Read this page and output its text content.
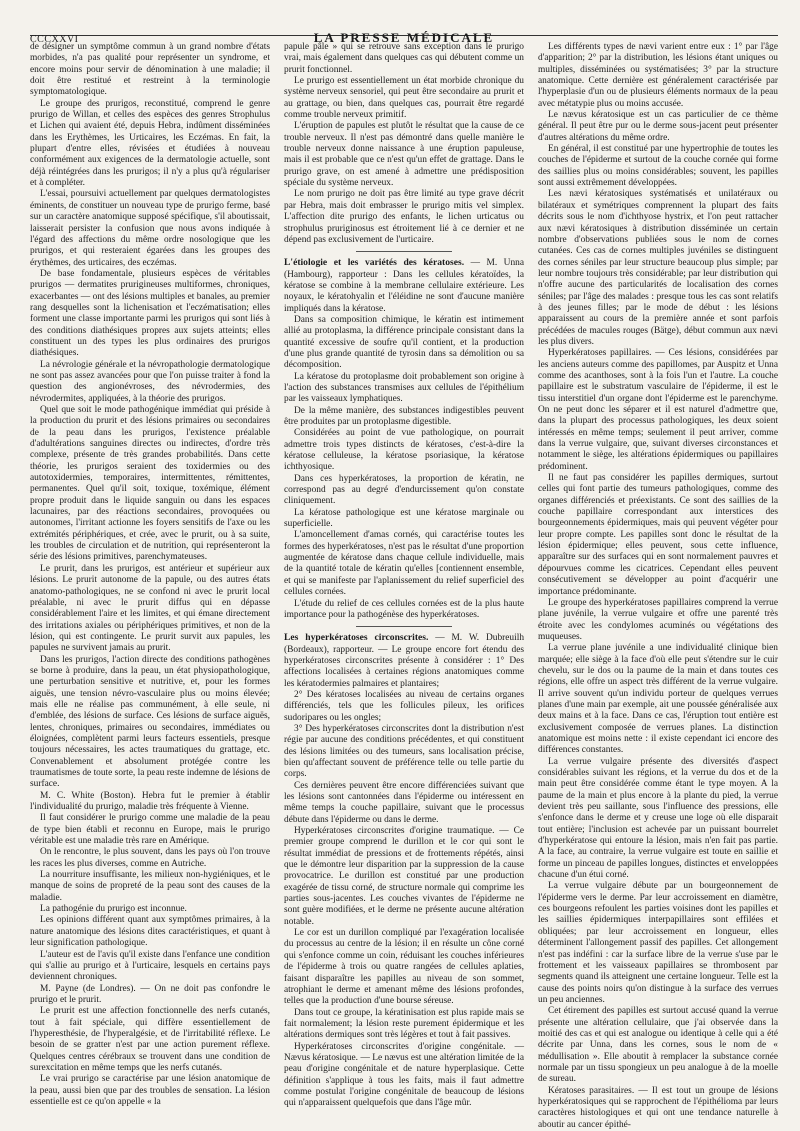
CCCXXVI	LA PRESSE MÉDICALE

de désigner un symptôme commun à un grand nombre d'états morbides, n'a pas qualité pour représenter un syndrome, et encore moins pour servir de dénomination à une maladie; il doit être restitué et restreint à la terminologie symptomatologique.

Le groupe des prurigos, reconstitué, comprend le genre prurigo de Willan, et celles des espèces des genres Strophulus et Lichen qui avaient été, depuis Hebra, indûment disséminées dans les Erythèmes, les Urticaires, les Eczémas. En fait, la plupart d'entre elles, révisées et étudiées à nouveau conformément aux exigences de la dermatologie actuelle, sont déjà réintégrées dans les prurigos; il n'y a plus qu'à régulariser et à compléter.

L'essai, poursuivi actuellement par quelques dermatologistes éminents, de constituer un nouveau type de prurigo ferme, basé sur un caractère anatomique supposé spécifique, s'il aboutissait, laisserait persister la confusion que nous avons indiquée à l'égard des affections du même ordre nosologique que les prurigos, et qui resteraient égarées dans les groupes des érythèmes, des urticaires, des eczémas.

De base fondamentale, plusieurs espèces de véritables prurigos — dermatites prurigineuses multiformes, chroniques, exacerbantes — ont des lésions multiples et banales, au premier rang desquelles sont la lichenisation et l'eczématisation; elles forment une classe importante parmi les prurigos qui sont liés à des conditions diathésiques propres aux sujets atteints; elles constituent un des types les plus ordinaires des prurigos diathésiques.

La névrologie générale et la névropathologie dermatologique ne sont pas assez avancées pour que l'on puisse traiter à fond la question des angionévroses, des névrodermies, des névrodermites, appliquées, à la théorie des prurigos.

Quel que soit le mode pathogénique immédiat qui préside à la production du prurit et des lésions primaires ou secondaires de la peau dans les prurigos, l'existence préalable d'adultérations sanguines directes ou indirectes, d'ordre très complexe, présente de très grandes probabilités. Dans cette théorie, les prurigos seraient des toxidermies ou des autotoxidermies, temporaires, intermittentes, rémittentes, permanentes. Quel qu'il soit, toxique, toxémique, élément propre produit dans le liquide sanguin ou dans les espaces lacunaires, par des réactions secondaires, provoquées ou autonomes, l'irritant actionne les foyers sensitifs de l'axe ou les extrémités périphériques, et crée, avec le prurit, ou à sa suite, les troubles de circulation et de nutrition, qui représenteront la série des lésions primitives, parenchymateuses.

Le prurit, dans les prurigos, est antérieur et supérieur aux lésions. Le prurit autonome de la papule, ou des autres états anatomo-pathologiques, ne se confond ni avec le prurit local préalable, ni avec le prurit diffus qui en dépasse considérablement l'aire et les limites, et qui émane directement des irritations axiales ou périphériques primitives, et non de la lésion, qui est contingente. Le prurit survit aux papules, les papules ne survivent jamais au prurit.

Dans les prurigos, l'action directe des conditions pathogènes se borne à produire, dans la peau, un état physiopathologique, une perturbation sensitive et nutritive, et, pour les formes aiguës, une tension névro-vasculaire plus ou moins élevée; mais elle ne réalise pas communément, à elle seule, ni d'emblée, des lésions de surface. Ces lésions de surface aiguës, lentes, chroniques, primaires ou secondaires, immédiates ou éloignées, complètent parmi leurs facteurs essentiels, presque toujours nécessaires, les actes traumatiques du grattage, etc. Convenablement et absolument protégée contre les traumatismes de toute sorte, la peau reste indemne de lésions de surface.

M. C. White (Boston). Hebra fut le premier à établir l'individualité du prurigo, maladie très fréquente à Vienne.

Il faut considérer le prurigo comme une maladie de la peau de type bien établi et reconnu en Europe, mais le prurigo véritable est une maladie très rare en Amérique.

On le rencontre, le plus souvent, dans les pays où l'on trouve les races les plus diverses, comme en Autriche.

La nourriture insuffisante, les milieux non-hygiéniques, et le manque de soins de propreté de la peau sont des causes de la maladie.

La pathogénie du prurigo est inconnue.

Les opinions différent quant aux symptômes primaires, à la nature anatomique des lésions dites caractéristiques, et quant à leur signification pathologique.

L'auteur est de l'avis qu'il existe dans l'enfance une condition qui s'allie au prurigo et à l'urticaire, lesquels en certains pays deviennent chroniques.

M. Payne (de Londres). — On ne doit pas confondre le prurigo et le prurit.

Le prurit est une affection fonctionnelle des nerfs cutanés, tout à fait spéciale, qui diffère essentiellement de l'hyperesthésie, de l'hyperalgésie, et de l'irritabilité réflexe. Le besoin de se gratter n'est par une action purement réflexe. Quelques centres cérébraux se trouvent dans une condition de surexcitation en même temps que les nerfs cutanés.

Le vrai prurigo se caractérise par une lésion anatomique de la peau, aussi bien que par des troubles de sensation. La lésion essentielle est ce qu'on appelle « la

papule pâle » qui se retrouve sans exception dans le prurigo vrai, mais également dans quelques cas qui débutent comme un prurit fonctionnel.

Le prurigo est essentiellement un état morbide chronique du système nerveux sensoriel, qui peut être secondaire au prurit et au grattage, ou bien, dans quelques cas, pourrait être regardé comme trouble nerveux primitif.

L'éruption de papules est plutôt le résultat que la cause de ce trouble nerveux. Il n'est pas démontré dans quelle manière le trouble nerveux donne naissance à une éruption papuleuse, mais il est probable que ce n'est qu'un effet de grattage. Dans le prurigo grave, on est amené à admettre une prédisposition spéciale du système nerveux.

Le nom prurigo ne doit pas être limité au type grave décrit par Hebra, mais doit embrasser le prurigo mitis vel simplex. L'affection dite prurigo des enfants, le lichen urticatus ou strophulus pruriginosus est étroitement lié à ce dernier et ne dépend pas exclusivement de l'urticaire.

L'étiologie et les variétés des kératoses. — M. Unna (Hambourg), rapporteur : Dans les cellules kératoïdes, la kératose se combine à la membrane cellulaire extérieure. Les noyaux, le kératohyalin et l'éléidine ne sont d'aucune manière impliqués dans la kératose.

Dans sa composition chimique, le kératin est intimement allié au protoplasma, la différence principale consistant dans la quantité excessive de soufre qu'il contient, et la production d'une plus grande quantité de tyrosin dans sa démolition ou sa décomposition.

La kératose du protoplasme doit probablement son origine à l'action des substances transmises aux cellules de l'épithélium par les vaisseaux lymphatiques.

De la même manière, des substances indigestibles peuvent être produites par un protoplasme digestible.

Considérées au point de vue pathologique, on pourrait admettre trois types distincts de kératoses, c'est-à-dire la kératose celluleuse, la kératose psoriasique, la kératose ichthyosique.

Dans ces hyperkératoses, la proportion de kératin, ne correspond pas au degré d'endurcissement qu'on constate cliniquement.

La kératose pathologique est une kératose marginale ou superficielle.

L'amoncellement d'amas cornés, qui caractérise toutes les formes des hyperkératoses, n'est pas le résultat d'une proportion augmentée de kératose dans chaque cellule individuelle, mais de la quantité totale de kératin qu'elles [contiennent ensemble, et qui se manifeste par l'aplanissement du relief superficiel des cellules cornées.

L'étude du relief de ces cellules cornées est de la plus haute importance pour la pathogénèse des hyperkératoses.

Les hyperkératoses circonscrites. — M. W. Dubreuilh (Bordeaux), rapporteur. — Le groupe encore fort étendu des hyperkératoses circonscrites présente à considérer : 1° Des affections localisées à certaines régions anatomiques comme les kératodermies palmaires et plantaires;

2° Des kératoses localisées au niveau de certains organes différenciés, tels que les follicules pileux, les orifices sudoripares ou les ongles;

3° Des hyperkératoses circonscrites dont la distribution n'est régie par aucune des conditions précédentes, et qui constituent des lésions limitées ou des tumeurs, sans localisation précise, bien qu'affectant souvent de préférence telle ou telle partie du corps.

Ces dernières peuvent être encore différenciées suivant que les lésions sont cantonnées dans l'épiderme ou intéressent en même temps la couche papillaire, suivant que le processus débute dans l'épiderme ou dans le derme.

Hyperkératoses circonscrites d'origine traumatique. — Ce premier groupe comprend le durillon et le cor qui sont le résultat immédiat de pressions et de frottements répétés, ainsi que le démontre leur disparition par la suppression de la cause provocatrice. Le durillon est constitué par une production exagérée de tissu corné, de structure normale qui comprime les parties sous-jacentes. Les couches vivantes de l'épiderme ne sont guère modifiées, et le derme ne présente aucune altération notable.

Le cor est un durillon compliqué par l'exagération localisée du processus au centre de la lésion; il en résulte un cône corné qui s'enfonce comme un coin, réduisant les couches inférieures de l'épiderme à trois ou quatre rangées de cellules aplaties, faisant disparaître les papilles au niveau de son sommet, atrophiant le derme et amenant même des lésions profondes, telles que la production d'une bourse séreuse.

Dans tout ce groupe, la kératinisation est plus rapide mais se fait normalement; la lésion reste purement épidermique et les altérations dermiques sont très légères et tout à fait passives.

Hyperkératoses circonscrites d'origine congénitale. — Nævus kératosique. — Le nævus est une altération limitée de la peau d'origine congénitale et de nature hyperplasique. Cette définition s'applique à tous les faits, mais il faut admettre comme postulat l'origine congénitale de beaucoup de lésions qui n'apparaissent quelquefois que dans l'âge mûr.

Les différents types de nævi varient entre eux : 1° par l'âge d'apparition; 2° par la distribution, les lésions étant uniques ou multiples, disséminées ou systématisées; 3° par la structure anatomique. Cette dernière est généralement caractérisée par l'hyperplasie d'un ou de plusieurs éléments normaux de la peau avec métatypie plus ou moins accusée.

Le nævus kératosique est un cas particulier de ce thème général. Il peut être pur ou le derme sous-jacent peut présenter d'autres altérations du même ordre.

En général, il est constitué par une hypertrophie de toutes les couches de l'épiderme et surtout de la couche cornée qui forme des saillies plus ou moins considérables; souvent, les papilles sont aussi extrêmement développées.

Les nævi kératosiques systématisés et unilatéraux ou bilatéraux et symétriques comprennent la plupart des faits décrits sous le nom d'ichthyose hystrix, et l'on peut rattacher aux nævi kératosiques à distribution disséminée un certain nombre d'observations publiées sous le nom de cornes cutanées. Ces cas de cornes multiples juvéniles se distinguent des cornes séniles par leur structure beaucoup plus simple; par leur nombre toujours très considérable; par leur distribution qui n'offre aucune des particularités de localisation des cornes séniles; par l'âge des malades : presque tous les cas sont relatifs à des jeunes filles; par le mode de début : les lésions apparaissent au cours de la première année et sont parfois précédées de macules rouges (Bätge), début commun aux nævi les plus divers.

Hyperkératoses papillaires. — Ces lésions, considérées par les anciens auteurs comme des papillomes, par Auspitz et Unna comme des acanthoses, sont à la fois l'un et l'autre. La couche papillaire est le substratum vasculaire de l'épiderme, il est le tissu interstitiel d'un organe dont l'épiderme est le parenchyme. On ne peut donc les séparer et il est naturel d'admettre que, dans la plupart des processus pathologiques, les deux soient intéressés en même temps; seulement il peut arriver, comme dans la verrue vulgaire, que, suivant diverses circonstances et notamment le siège, les altérations épidermiques ou papillaires prédominent.

Il ne faut pas considérer les papilles dermiques, surtout celles qui font partie des tumeurs pathologiques, comme des organes différenciés et préexistants. Ce sont des saillies de la couche papillaire correspondant aux interstices des bourgeonnements épidermiques, mais qui peuvent végéter pour leur propre compte. Les papilles sont donc le résultat de la lésion épidermique; elles peuvent, sous cette influence, apparaître sur des surfaces qui en sont normalement pauvres et dépourvues comme les cicatrices. Cependant elles peuvent consécutivement se développer au point d'acquérir une importance prédominante.

Le groupe des hyperkératoses papillaires comprend la verrue plane juvénile, la verrue vulgaire et offre une parenté très étroite avec les condylomes acuminés ou végétations des muqueuses.

La verrue plane juvénile a une individualité clinique bien marquée; elle siège à la face d'où elle peut s'étendre sur le cuir chevelu, sur le dos ou la paume de la main et dans toutes ces régions, elle offre un aspect très différent de la verrue vulgaire. Il arrive souvent qu'un individu porteur de quelques verrues planes d'une main par exemple, ait une poussée généralisée aux deux mains et à la face. Dans ce cas, l'éruption tout entière est exclusivement composée de verrues planes. La distinction anatomique est moins nette : il existe cependant ici encore des différences constantes.

La verrue vulgaire présente des diversités d'aspect considérables suivant les régions, et la verrue du dos et de la main peut être considérée comme étant le type moyen. A la paume de la main et plus encore à la plante du pied, la verrue devient très peu saillante, sous l'influence des pressions, elle s'enfonce dans le derme et y creuse une loge où elle disparait tout entière; l'inclusion est achevée par un puissant bourrelet d'hyperkératose qui entoure la lésion, mais n'en fait pas partie. A la face, au contraire, la verrue vulgaire est toute en saillie et forme un pinceau de papilles longues, distinctes et enveloppées chacune d'un étui corné.

La verrue vulgaire débute par un bourgeonnement de l'épiderme vers le derme. Par leur accroissement en diamètre, ces bourgeons refoulent les parties voisines dont les papilles et les saillies épidermiques interpapillaires sont effilées et obliquées; par leur accroissement en longueur, elles déterminent l'allongement passif des papilles. Cet allongement n'est pas indéfini : car la surface libre de la verrue s'use par le frottement et les vaisseaux papillaires se thrombosent par segments quand ils atteignent une certaine longueur. Telle est la cause des points noirs qu'on distingue à la surface des verrues un peu anciennes.

Cet étirement des papilles est surtout accusé quand la verrue présente une altération cellulaire, que j'ai observée dans la moitié des cas et qui est analogue ou identique à celle qui a été décrite par Unna, dans les cornes, sous le nom de « médullisation ». Elle aboutit à remplacer la substance cornée normale par un tissu spongieux un peu analogue à de la moelle de sureau.

Kératoses parasitaires. — Il est tout un groupe de lésions hyperkératosiques qui se rapprochent de l'épithélioma par leurs caractères histologiques et qui ont une tendance naturelle à aboutir au cancer épithé-
